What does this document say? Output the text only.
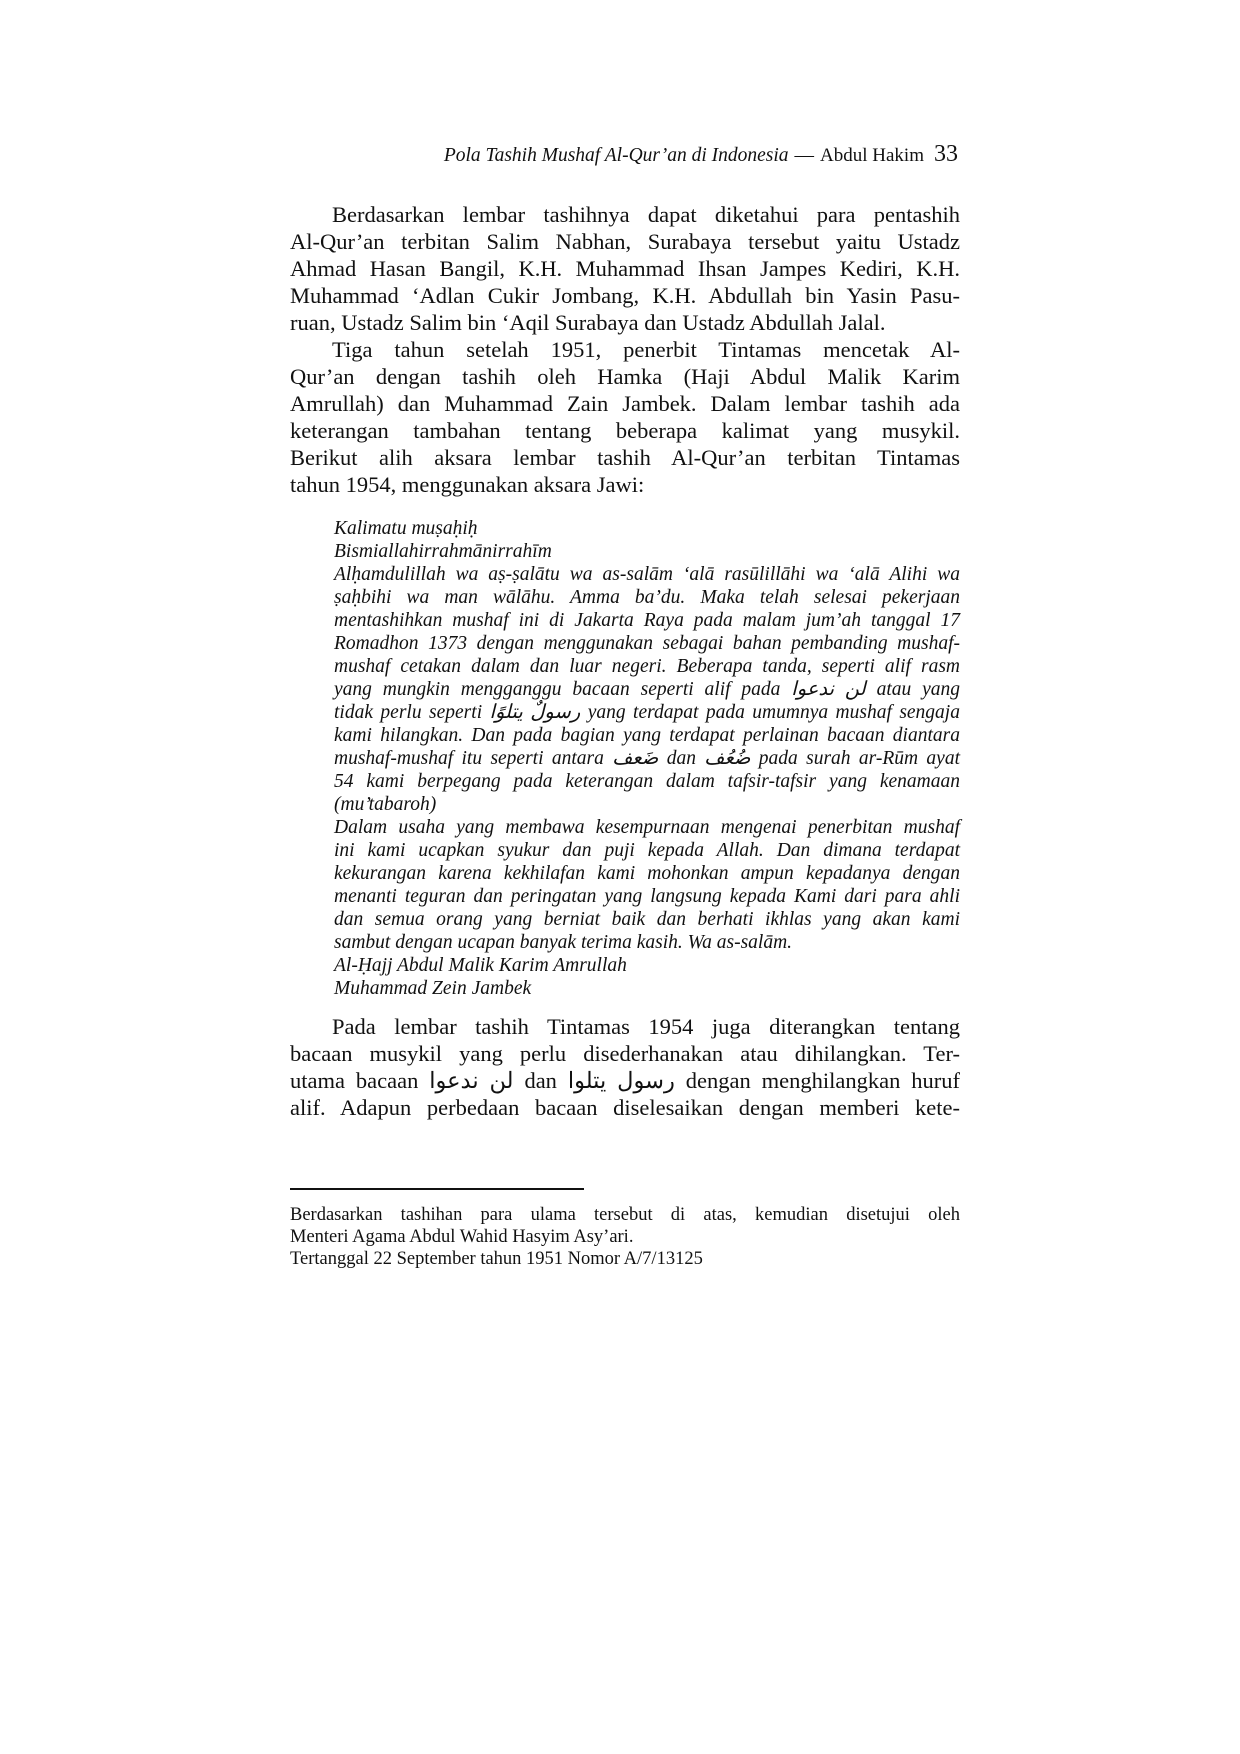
Pola Tashih Mushaf Al-Qur’an di Indonesia — Abdul Hakim 33
Berdasarkan lembar tashihnya dapat diketahui para pentashih
Al-Qur’an terbitan Salim Nabhan, Surabaya tersebut yaitu Ustadz
Ahmad Hasan Bangil, K.H. Muhammad Ihsan Jampes Kediri, K.H.
Muhammad ‘Adlan Cukir Jombang, K.H. Abdullah bin Yasin Pasu-
ruan, Ustadz Salim bin ‘Aqil Surabaya dan Ustadz Abdullah Jalal.
Tiga tahun setelah 1951, penerbit Tintamas mencetak Al-
Qur’an dengan tashih oleh Hamka (Haji Abdul Malik Karim
Amrullah) dan Muhammad Zain Jambek. Dalam lembar tashih ada
keterangan tambahan tentang beberapa kalimat yang musykil.
Berikut alih aksara lembar tashih Al-Qur’an terbitan Tintamas
tahun 1954, menggunakan aksara Jawi:
Kalimatu muṣaḥiḥ
Bismiallahirrahmānirrahīm
Alḥamdulillah wa aṣ-ṣalātu wa as-salām ‘alā rasūlillāhi wa ‘alā Alihi wa
ṣaḥbihi wa man wālāhu. Amma ba’du. Maka telah selesai pekerjaan
mentashihkan mushaf ini di Jakarta Raya pada malam jum’ah tanggal 17
Romadhon 1373 dengan menggunakan sebagai bahan pembanding mushaf-
mushaf cetakan dalam dan luar negeri. Beberapa tanda, seperti alif rasm
yang mungkin mengganggu bacaan seperti alif pada لن ندعوا atau yang
tidak perlu seperti رسولٌ يتلوًا yang terdapat pada umumnya mushaf sengaja
kami hilangkan. Dan pada bagian yang terdapat perlainan bacaan diantara
mushaf-mushaf itu seperti antara ضَعف dan ضُعُف pada surah ar-Rūm ayat
54 kami berpegang pada keterangan dalam tafsir-tafsir yang kenamaan
(mu’tabaroh)
Dalam usaha yang membawa kesempurnaan mengenai penerbitan mushaf
ini kami ucapkan syukur dan puji kepada Allah. Dan dimana terdapat
kekurangan karena kekhilafan kami mohonkan ampun kepadanya dengan
menanti teguran dan peringatan yang langsung kepada Kami dari para ahli
dan semua orang yang berniat baik dan berhati ikhlas yang akan kami
sambut dengan ucapan banyak terima kasih. Wa as-salām.
Al-Ḥajj Abdul Malik Karim Amrullah
Muhammad Zein Jambek
Pada lembar tashih Tintamas 1954 juga diterangkan tentang
bacaan musykil yang perlu disederhanakan atau dihilangkan. Ter-
utama bacaan لن ندعوا dan رسول يتلوا dengan menghilangkan huruf
alif. Adapun perbedaan bacaan diselesaikan dengan memberi kete-
Berdasarkan tashihan para ulama tersebut di atas, kemudian disetujui oleh
Menteri Agama Abdul Wahid Hasyim Asy’ari.
Tertanggal 22 September tahun 1951 Nomor A/7/13125
